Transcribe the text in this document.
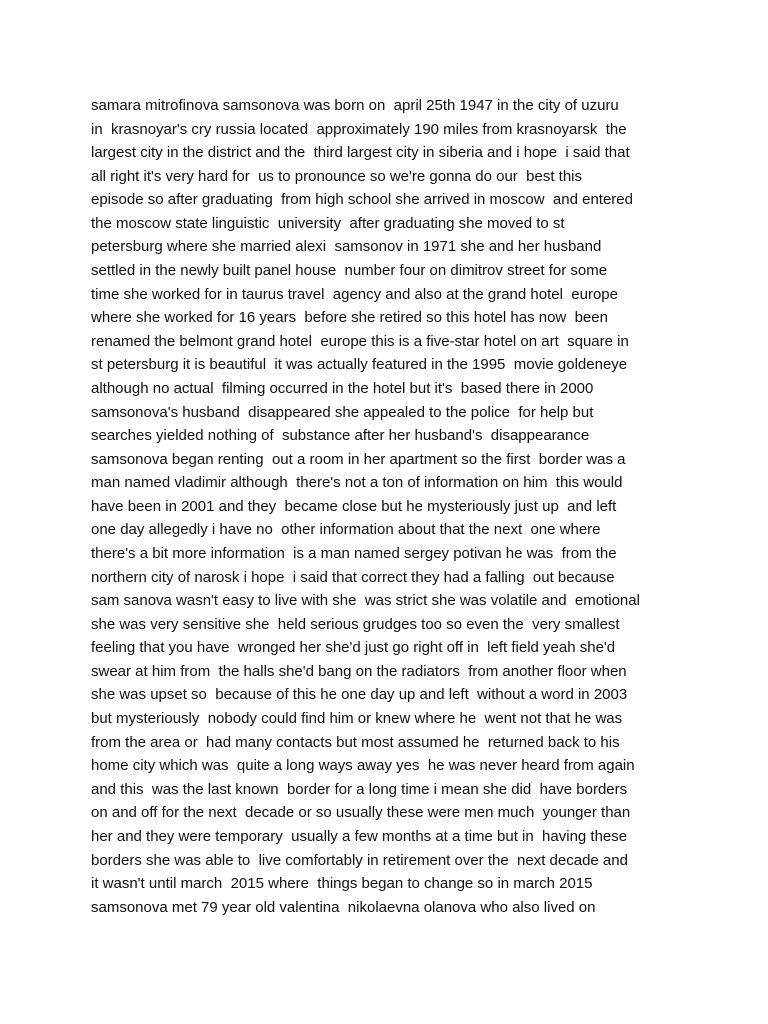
samara mitrofinova samsonova was born on  april 25th 1947 in the city of uzuru
in  krasnoyar's cry russia located  approximately 190 miles from krasnoyarsk  the
largest city in the district and the  third largest city in siberia and i hope  i said that
all right it's very hard for  us to pronounce so we're gonna do our  best this
episode so after graduating  from high school she arrived in moscow  and entered
the moscow state linguistic  university  after graduating she moved to st
petersburg where she married alexi  samsonov in 1971 she and her husband
settled in the newly built panel house  number four on dimitrov street for some
time she worked for in taurus travel  agency and also at the grand hotel  europe
where she worked for 16 years  before she retired so this hotel has now  been
renamed the belmont grand hotel  europe this is a five-star hotel on art  square in
st petersburg it is beautiful  it was actually featured in the 1995  movie goldeneye
although no actual  filming occurred in the hotel but it's  based there in 2000
samsonova's husband  disappeared she appealed to the police  for help but
searches yielded nothing of  substance after her husband's  disappearance
samsonova began renting  out a room in her apartment so the first  border was a
man named vladimir although  there's not a ton of information on him  this would
have been in 2001 and they  became close but he mysteriously just up  and left
one day allegedly i have no  other information about that the next  one where
there's a bit more information  is a man named sergey potivan he was  from the
northern city of narosk i hope  i said that correct they had a falling  out because
sam sanova wasn't easy to live with she  was strict she was volatile and  emotional
she was very sensitive she  held serious grudges too so even the  very smallest
feeling that you have  wronged her she'd just go right off in  left field yeah she'd
swear at him from  the halls she'd bang on the radiators  from another floor when
she was upset so  because of this he one day up and left  without a word in 2003
but mysteriously  nobody could find him or knew where he  went not that he was
from the area or  had many contacts but most assumed he  returned back to his
home city which was  quite a long ways away yes  he was never heard from again
and this  was the last known  border for a long time i mean she did  have borders
on and off for the next  decade or so usually these were men much  younger than
her and they were temporary  usually a few months at a time but in  having these
borders she was able to  live comfortably in retirement over the  next decade and
it wasn't until march  2015 where  things began to change so in march 2015
samsonova met 79 year old valentina  nikolaevna olanova who also lived on
